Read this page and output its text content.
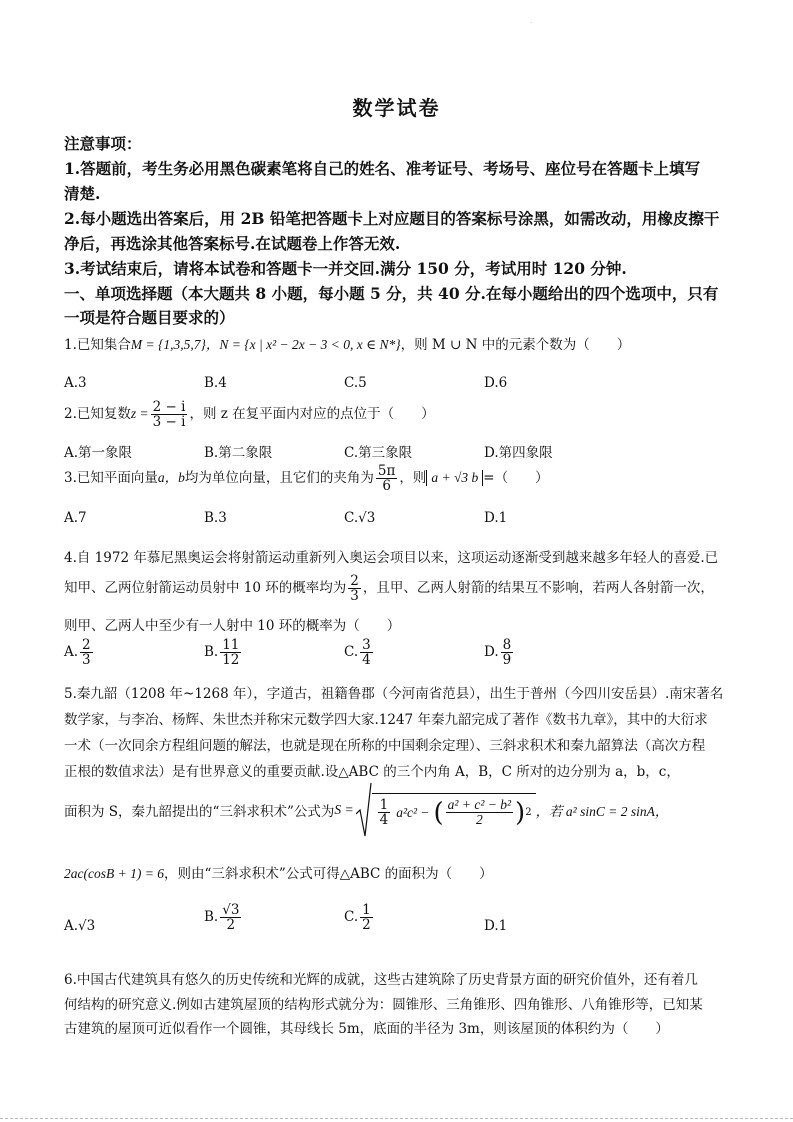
·
数学试卷
注意事项：
1.答题前，考生务必用黑色碳素笔将自己的姓名、准考证号、考场号、座位号在答题卡上填写
清楚.
2.每小题选出答案后，用 2B 铅笔把答题卡上对应题目的答案标号涂黑，如需改动，用橡皮擦干
净后，再选涂其他答案标号.在试题卷上作答无效.
3.考试结束后，请将本试卷和答题卡一并交回.满分 150 分，考试用时 120 分钟.
一、单项选择题（本大题共 8 小题，每小题 5 分，共 40 分.在每小题给出的四个选项中，只有
一项是符合题目要求的）
1.已知集合M = {1,3,5,7}，N = {x | x² − 2x − 3 < 0, x ∈ N*}，则 M ∪ N 中的元素个数为（　　）
A.3	B.4	C.5	D.6
2.已知复数$z = \frac{2 - i}{3 - i}$ ，则 z 在复平面内对应的点位于（　　）
A.第一象限	B.第二象限	C.第三象限	D.第四象限
3.已知平面向量a，b均为单位向量，且它们的夹角为 $\frac{5\pi}{6}$ ，则 a + √3 b =（　　）
A.7	B.3	C.√3	D.1
4.自 1972 年慕尼黑奥运会将射箭运动重新列入奥运会项目以来，这项运动逐渐受到越来越多年轻人的喜爱.已
知甲、乙两位射箭运动员射中 10 环的概率均为 $\frac{2}{3}$ ，且甲、乙两人射箭的结果互不影响，若两人各射箭一次，
则甲、乙两人中至少有一人射中 10 环的概率为（　　）
A. $\frac{2}{3}$	B. $\frac{11}{12}$	C. $\frac{3}{4}$	D. $\frac{8}{9}$
5.秦九韶（1208 年~1268 年），字道古，祖籍鲁郡（今河南省范县），出生于普州（今四川安岳县）.南宋著名
数学家，与李冶、杨辉、朱世杰并称宋元数学四大家.1247 年秦九韶完成了著作《数书九章》，其中的大衍求
一术（一次同余方程组问题的解法，也就是现在所称的中国剩余定理）、三斜求积术和秦九韶算法（高次方程
正根的数值求法）是有世界意义的重要贡献.设△ABC 的三个内角 A，B，C 所对的边分别为 a，b，c，
面积为 S，秦九韶提出的“三斜求积术”公式为 $S = \frac{1}{4} a^2c^2$ − ( $\frac{\text{a² + c² − b²}}{2}$ ) 2 ，若 a² sinC = 2 sinA，
2ac(cosB + 1) = 6，则由“三斜求积术”公式可得△ABC 的面积为（　　）
A.√3
B. $\frac{√3}{2}$	C. $\frac{1}{2}$	D.1
6.中国古代建筑具有悠久的历史传统和光辉的成就，这些古建筑除了历史背景方面的研究价值外，还有着几
何结构的研究意义.例如古建筑屋顶的结构形式就分为：圆锥形、三角锥形、四角锥形、八角锥形等，已知某
古建筑的屋顶可近似看作一个圆锥，其母线长 5m，底面的半径为 3m，则该屋顶的体积约为（　　）
